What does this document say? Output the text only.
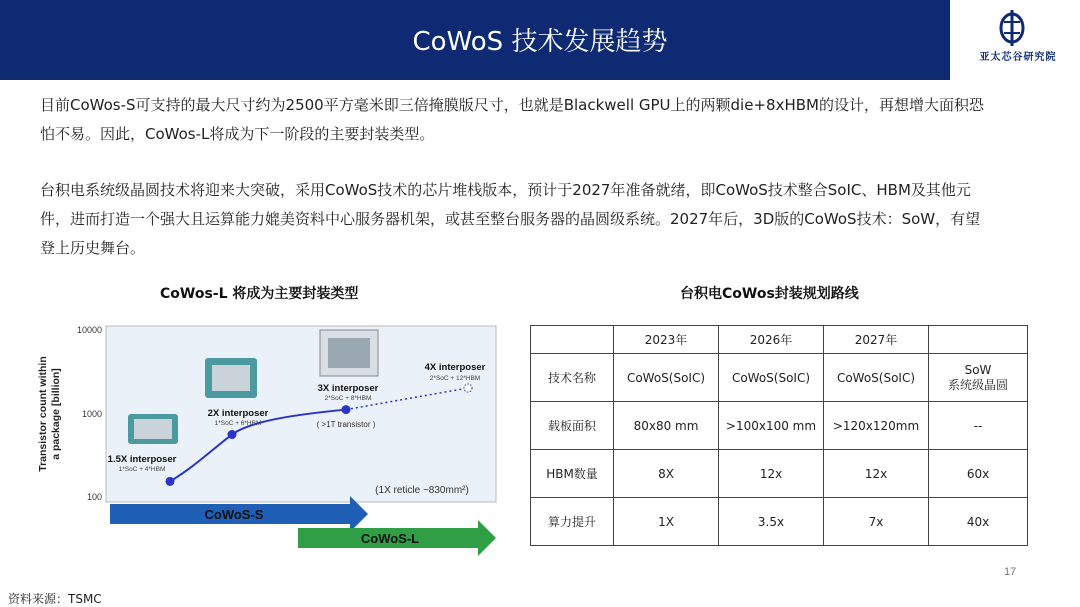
CoWoS 技术发展趋势
亚太芯谷研究院
目前CoWos-S可支持的最大尺寸约为2500平方毫米即三倍掩膜版尺寸，也就是Blackwell GPU上的两颗die+8xHBM的设计，再想增大面积恐
怕不易。因此，CoWos-L将成为下一阶段的主要封装类型。
台积电系统级晶圆技术将迎来大突破，采用CoWoS技术的芯片堆栈版本，预计于2027年准备就绪，即CoWoS技术整合SoIC、HBM及其他元
件，进而打造一个强大且运算能力媲美资料中心服务器机架，或甚至整台服务器的晶圆级系统。2027年后，3D版的CoWoS技术：SoW，有望
登上历史舞台。
CoWos-L 将成为主要封装类型
Transistor count within a package [billion]
10000
1000
100
1.5X interposer
1*SoC + 4*HBM
2X interposer
1*SoC + 6*HBM
3X interposer
2*SoC + 8*HBM
4X interposer
2*SoC + 12*HBM
( >1T transistor )
(1X reticle ~830mm²)
CoWoS-S
CoWoS-L
台积电CoWos封装规划路线
	2023年	2026年	2027年	
技术名称	CoWoS(SoIC)	CoWoS(SoIC)	CoWoS(SoIC)	SoW
系统级晶圆
载板面积	80x80 mm	>100x100 mm	>120x120mm	--
HBM数量	8X	12x	12x	60x
算力提升	1X	3.5x	7x	40x
17
资料来源：TSMC
